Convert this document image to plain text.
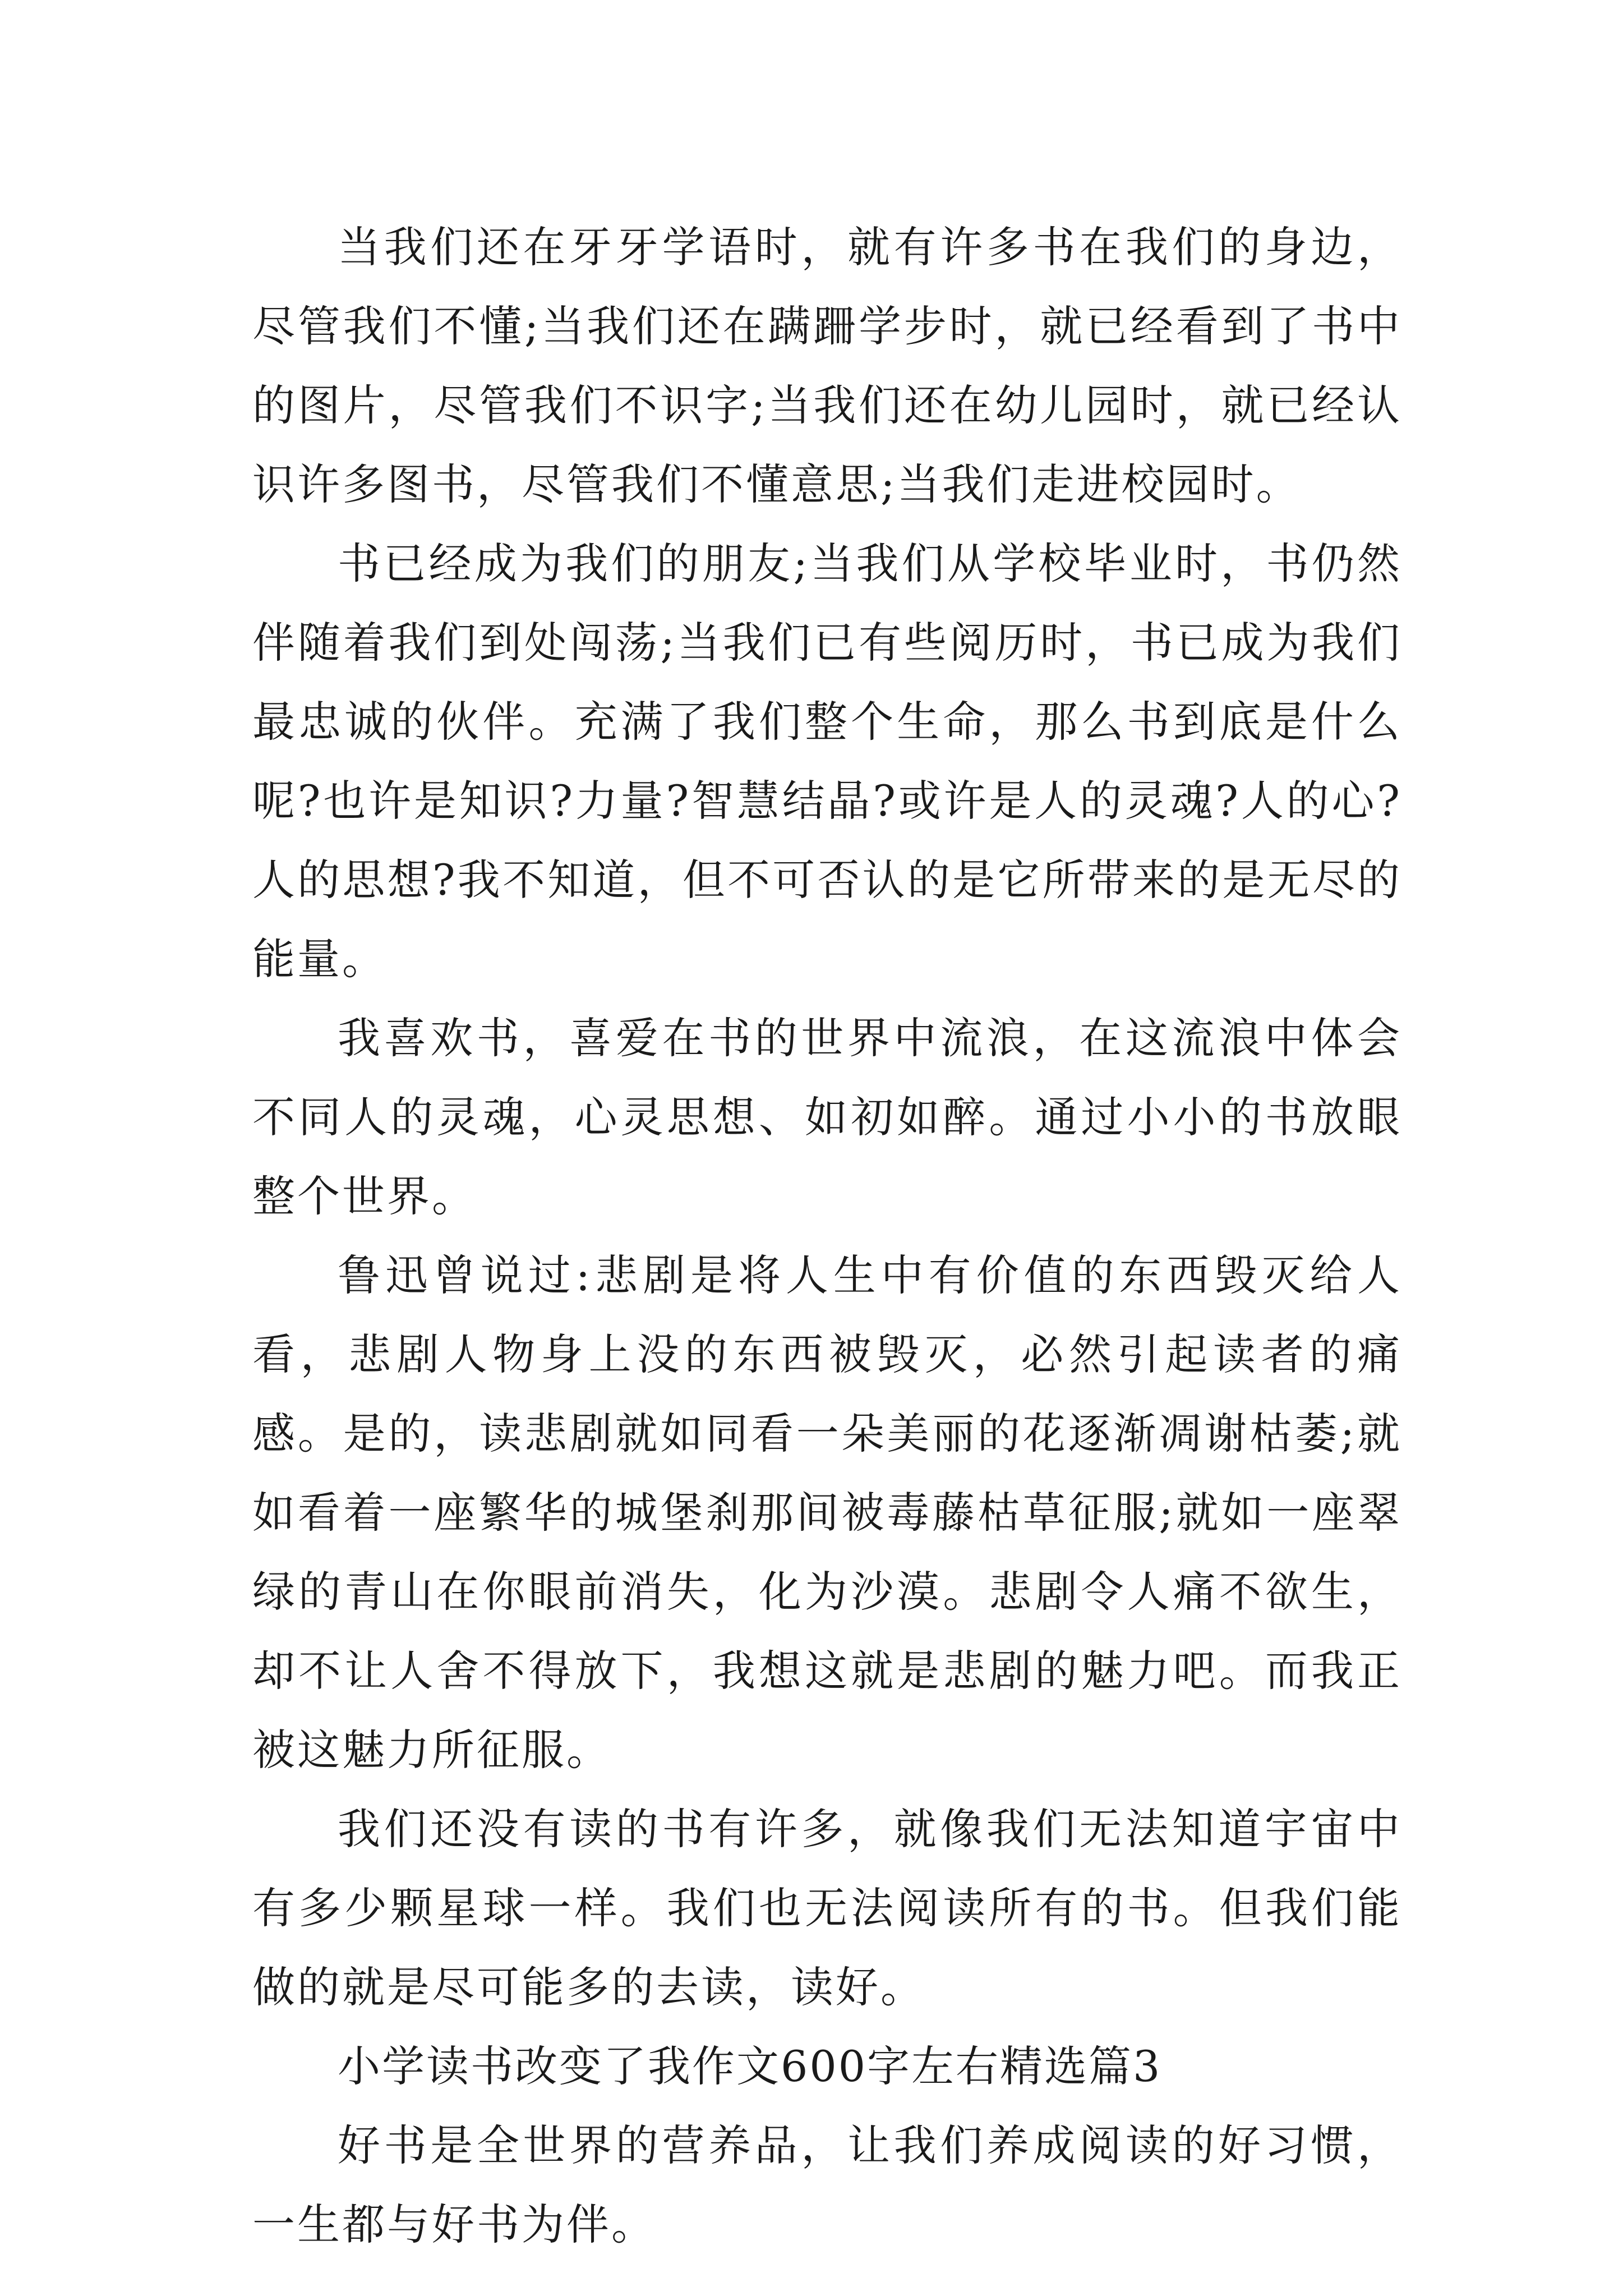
当我们还在牙牙学语时，就有许多书在我们的身边，尽管我们不懂;当我们还在蹒跚学步时，就已经看到了书中的图片，尽管我们不识字;当我们还在幼儿园时，就已经认识许多图书，尽管我们不懂意思;当我们走进校园时。

书已经成为我们的朋友;当我们从学校毕业时，书仍然伴随着我们到处闯荡;当我们已有些阅历时，书已成为我们最忠诚的伙伴。充满了我们整个生命，那么书到底是什么呢?也许是知识?力量?智慧结晶?或许是人的灵魂?人的心?人的思想?我不知道，但不可否认的是它所带来的是无尽的能量。

我喜欢书，喜爱在书的世界中流浪，在这流浪中体会不同人的灵魂，心灵思想、如初如醉。通过小小的书放眼整个世界。

鲁迅曾说过:悲剧是将人生中有价值的东西毁灭给人看，悲剧人物身上没的东西被毁灭，必然引起读者的痛感。是的，读悲剧就如同看一朵美丽的花逐渐凋谢枯萎;就如看着一座繁华的城堡刹那间被毒藤枯草征服;就如一座翠绿的青山在你眼前消失，化为沙漠。悲剧令人痛不欲生，却不让人舍不得放下，我想这就是悲剧的魅力吧。而我正被这魅力所征服。

我们还没有读的书有许多，就像我们无法知道宇宙中有多少颗星球一样。我们也无法阅读所有的书。但我们能做的就是尽可能多的去读，读好。

小学读书改变了我作文600字左右精选篇3

好书是全世界的营养品，让我们养成阅读的好习惯，一生都与好书为伴。
